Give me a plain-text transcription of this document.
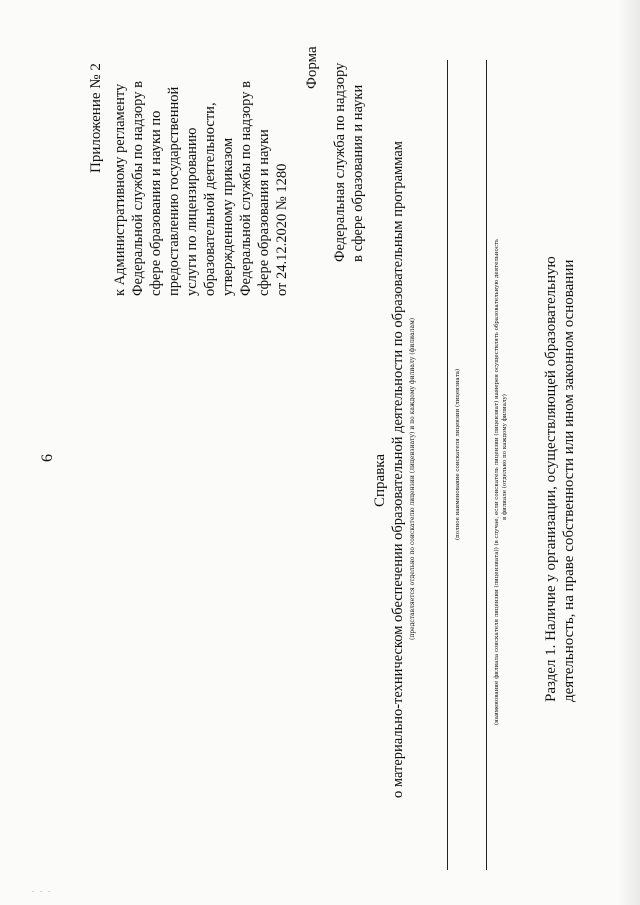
6
Приложение № 2 к Административному регламенту Федеральной службы по надзору в сфере образования и науки по предоставлению государственной услуги по лицензированию образовательной деятельности, утвержденному приказом Федеральной службы по надзору в сфере образования и науки от 24.12.2020 № 1280
Форма Федеральная служба по надзору в сфере образования и науки
Справка о материально-техническом обеспечении образовательной деятельности по образовательным программам (представляется отдельно по соискателю лицензии (лицензиату) и по каждому филиалу (филиалам)	(полное наименование соискателя лицензии (лицензиата)	(наименование филиала соискателя лицензии (лицензиата)) (в случае, если соискатель лицензии (лицензиат) намерен осуществлять образовательную деятельность в филиале (отдельно по каждому филиалу) Раздел 1. Наличие у организации, осуществляющей образовательную деятельность, на праве собственности или ином законном основании
- - -
